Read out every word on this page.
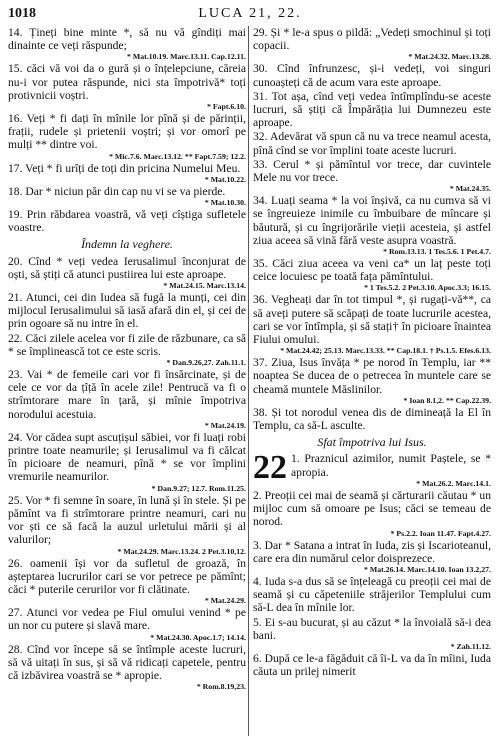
1018	LUCA 21, 22.
14. Țineți bine minte *, să nu vă gîndiți mai dinainte ce veți răspunde;
* Mat.10.19. Marc.13.11. Cap.12.11.
15. căci vă voi da o gură și o înțelepciune, căreia nu-i vor putea răspunde, nici sta împotrivă* toți protivnicii voștri.
* Fapt.6.10.
16. Veți * fi dați în mînile lor pînă și de părinții, frații, rudele și prietenii voștri; și vor omorî pe mulți ** dintre voi.
* Mic.7.6. Marc.13.12. ** Fapt.7.59; 12.2.
17. Veți * fi urîți de toți din pricina Numelui Meu.
* Mat.10.22.
18. Dar * niciun păr din cap nu vi se va pierde.
* Mat.10.30.
19. Prin răbdarea voastră, vă veți cîștiga sufletele voastre.
Îndemn la veghere.
20. Cînd * veți vedea Ierusalimul înconjurat de oști, să știți că atunci pustiirea lui este aproape.
* Mat.24.15. Marc.13.14.
21. Atunci, cei din Iudea să fugă la munți, cei din mijlocul Ierusalimului să iasă afară din el, și cei de prin ogoare să nu intre în el.
22. Căci zilele acelea vor fi zile de răzbunare, ca să * se împlinească tot ce este scris.
* Dan.9.26,27. Zah.11.1.
23. Vai * de femeile cari vor fi însărcinate, și de cele ce vor da țîță în acele zile! Pentrucă va fi o strîmtorare mare în țară, și mînie împotriva norodului acestuia.
* Mat.24.19.
24. Vor cădea supt ascuțișul săbiei, vor fi luați robi printre toate neamurile; și Ierusalimul va fi călcat în picioare de neamuri, pînă * se vor împlini vremurile neamurilor.
* Dan.9.27; 12.7. Rom.11.25.
25. Vor * fi semne în soare, în lună și în stele. Și pe pămînt va fi strîmtorare printre neamuri, cari nu vor ști ce să facă la auzul urletului mării și al valurilor;
* Mat.24.29. Marc.13.24. 2 Pet.3.10,12.
26. oamenii își vor da sufletul de groază, în așteptarea lucrurilor cari se vor petrece pe pămînt; căci * puterile cerurilor vor fi clătinate.
* Mat.24.29.
27. Atunci vor vedea pe Fiul omului venind * pe un nor cu putere și slavă mare.
* Mat.24.30. Apoc.1.7; 14.14.
28. Cînd vor începe să se întîmple aceste lucruri, să vă uitați în sus, și să vă ridicați capetele, pentru că izbăvirea voastră se * apropie.
* Rom.8.19,23.
29. Și * le-a spus o pildă: „Vedeți smochinul și toți copacii.
* Mat.24.32. Marc.13.28.
30. Cînd înfrunzesc, și-i vedeți, voi singuri cunoașteți că de acum vara este aproape.
31. Tot așa, cînd veți vedea întîmplîndu-se aceste lucruri, să știți că Împărăția lui Dumnezeu este aproape.
32. Adevărat vă spun că nu va trece neamul acesta, pînă cînd se vor împlini toate aceste lucruri.
33. Cerul * și pămîntul vor trece, dar cuvintele Mele nu vor trece.
* Mat.24.35.
34. Luați seama * la voi înșivă, ca nu cumva să vi se îngreuieze inimile cu îmbuibare de mîncare și băutură, și cu îngrijorările vieții acesteia, și astfel ziua aceea să vină fără veste asupra voastră.
* Rom.13.13. 1 Tes.5.6. 1 Pet.4.7.
35. Căci ziua aceea va veni ca* un laț peste toți ceice locuiesc pe toată fața pămîntului.
* 1 Tes.5.2. 2 Pet.3.10. Apoc.3.3; 16.15.
36. Vegheați dar în tot timpul *, și rugați-vă**, ca să aveți putere să scăpați de toate lucrurile acestea, cari se vor întîmpla, și să stați† în picioare înaintea Fiului omului.
* Mat.24.42; 25.13. Marc.13.33. ** Cap.18.1. † Ps.1.5. Efes.6.13.
37. Ziua, Isus învăța * pe norod în Templu, iar ** noaptea Se ducea de o petrecea în muntele care se cheamă muntele Măslinilor.
* Ioan 8.1,2. ** Cap.22.39.
38. Și tot norodul venea dis de dimineață la El în Templu, ca să-L asculte.
Sfat împotriva lui Isus.
22 1. Praznicul azimilor, numit Paștele, se * apropia.
* Mat.26.2. Marc.14.1.
2. Preoții cei mai de seamă și cărturarii căutau * un mijloc cum să omoare pe Isus; căci se temeau de norod.
* Ps.2.2. Ioan 11.47. Fapt.4.27.
3. Dar * Satana a intrat în Iuda, zis și Iscarioteanul, care era din numărul celor doisprezece.
* Mat.26.14. Marc.14.10. Ioan 13.2,27.
4. Iuda s-a dus să se înțeleagă cu preoții cei mai de seamă și cu căpeteniile străjerilor Templului cum să-L dea în mînile lor.
5. Ei s-au bucurat, și au căzut * la învoială să-i dea bani.
* Zah.11.12.
6. După ce le-a făgăduit că îi-L va da în mîini, Iuda căuta un prilej nimerit
